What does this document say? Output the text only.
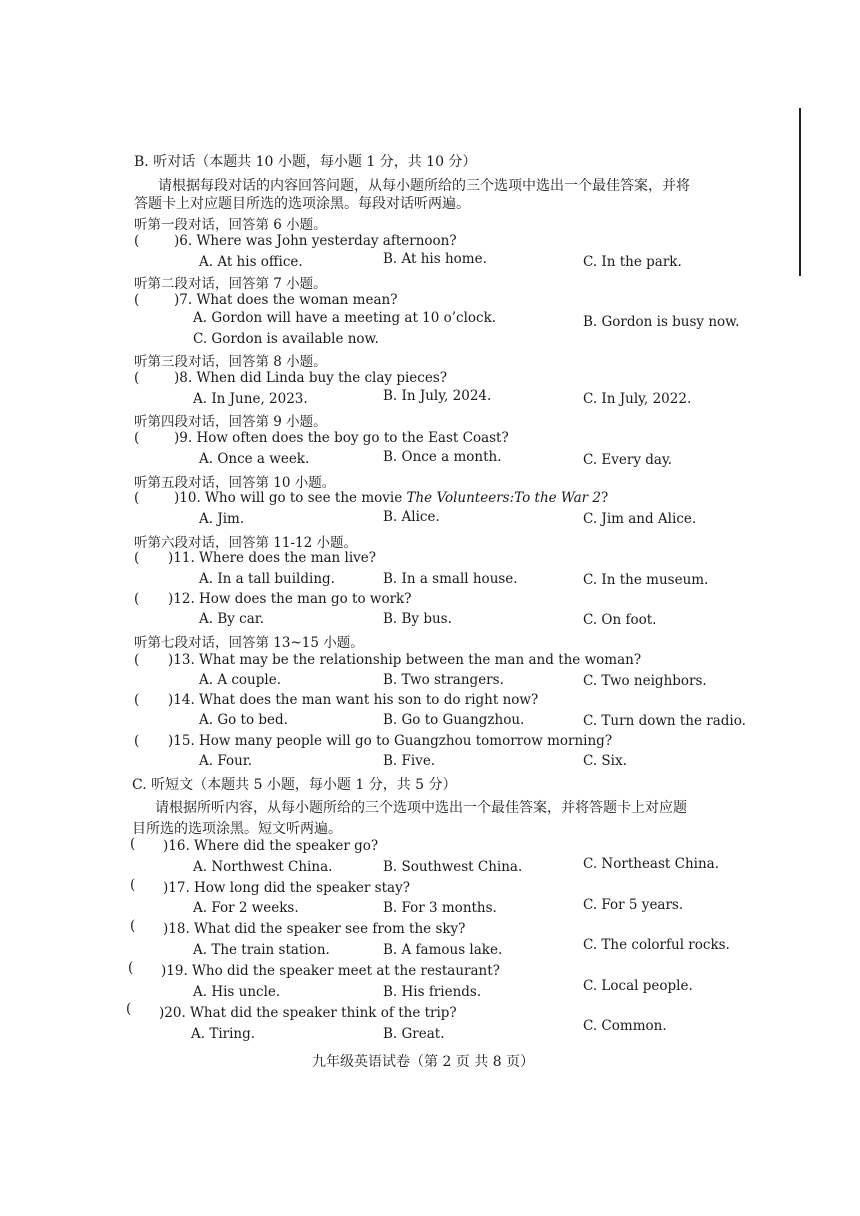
B. 听对话（本题共 10 小题，每小题 1 分，共 10 分）
请根据每段对话的内容回答问题，从每小题所给的三个选项中选出一个最佳答案，并将
答题卡上对应题目所选的选项涂黑。每段对话听两遍。
听第一段对话，回答第 6 小题。
(	)6. Where was John yesterday afternoon?
A. At his office.	B. At his home.	C. In the park.
听第二段对话，回答第 7 小题。
(	)7. What does the woman mean?
A. Gordon will have a meeting at 10 o’clock.	B. Gordon is busy now.
C. Gordon is available now.
听第三段对话，回答第 8 小题。
(	)8. When did Linda buy the clay pieces?
A. In June, 2023.	B. In July, 2024.	C. In July, 2022.
听第四段对话，回答第 9 小题。
(	)9. How often does the boy go to the East Coast?
A. Once a week.	B. Once a month.	C. Every day.
听第五段对话，回答第 10 小题。
(	)10. Who will go to see the movie The Volunteers:To the War 2?
A. Jim.	B. Alice.	C. Jim and Alice.
听第六段对话，回答第 11-12 小题。
( )11. Where does the man live?
A. In a tall building.	B. In a small house.	C. In the museum.
( )12. How does the man go to work?
A. By car.	B. By bus.	C. On foot.
听第七段对话，回答第 13~15 小题。
( )13. What may be the relationship between the man and the woman?
A. A couple.	B. Two strangers.	C. Two neighbors.
( )14. What does the man want his son to do right now?
A. Go to bed.	B. Go to Guangzhou.	C. Turn down the radio.
( )15. How many people will go to Guangzhou tomorrow morning?
A. Four.	B. Five.	C. Six.
C. 听短文（本题共 5 小题，每小题 1 分，共 5 分）
请根据所听内容，从每小题所给的三个选项中选出一个最佳答案，并将答题卡上对应题
目所选的选项涂黑。短文听两遍。
( )16. Where did the speaker go?
A. Northwest China.	B. Southwest China.	C. Northeast China.
( )17. How long did the speaker stay?
A. For 2 weeks.	B. For 3 months.	C. For 5 years.
( )18. What did the speaker see from the sky?
A. The train station.	B. A famous lake.	C. The colorful rocks.
( )19. Who did the speaker meet at the restaurant?
A. His uncle.	B. His friends.	C. Local people.
( )20. What did the speaker think of the trip?
A. Tiring.	B. Great.	C. Common.
九年级英语试卷（第 2 页 共 8 页）
